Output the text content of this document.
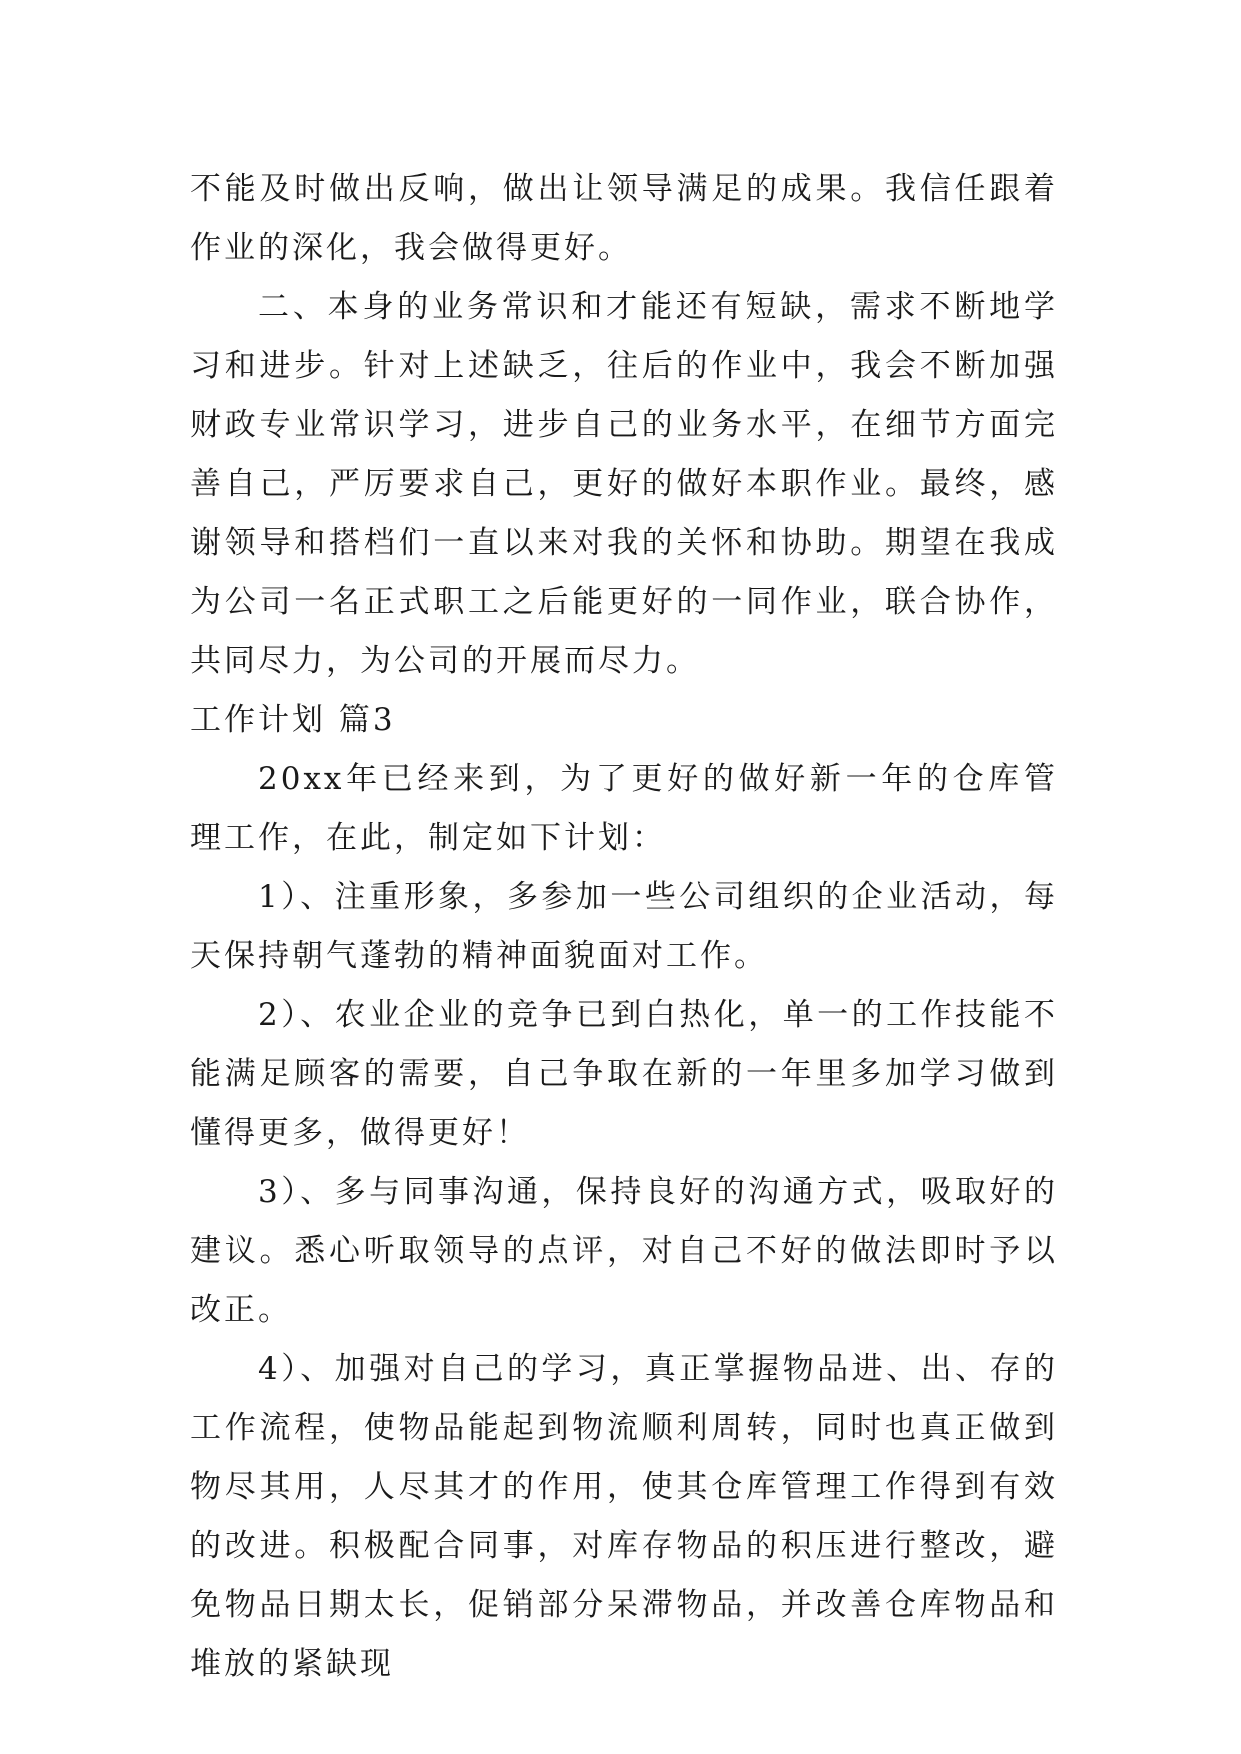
不能及时做出反响，做出让领导满足的成果。我信任跟着作业的深化，我会做得更好。

二、本身的业务常识和才能还有短缺，需求不断地学习和进步。针对上述缺乏，往后的作业中，我会不断加强财政专业常识学习，进步自己的业务水平，在细节方面完善自己，严厉要求自己，更好的做好本职作业。最终，感谢领导和搭档们一直以来对我的关怀和协助。期望在我成为公司一名正式职工之后能更好的一同作业，联合协作，共同尽力，为公司的开展而尽力。

工作计划 篇3

20xx年已经来到，为了更好的做好新一年的仓库管理工作，在此，制定如下计划：

1）、注重形象，多参加一些公司组织的企业活动，每天保持朝气蓬勃的精神面貌面对工作。

2）、农业企业的竞争已到白热化，单一的工作技能不能满足顾客的需要，自己争取在新的一年里多加学习做到懂得更多，做得更好！

3）、多与同事沟通，保持良好的沟通方式，吸取好的建议。悉心听取领导的点评，对自己不好的做法即时予以改正。

4）、加强对自己的学习，真正掌握物品进、出、存的工作流程，使物品能起到物流顺利周转，同时也真正做到物尽其用，人尽其才的作用，使其仓库管理工作得到有效的改进。积极配合同事，对库存物品的积压进行整改，避免物品日期太长，促销部分呆滞物品，并改善仓库物品和堆放的紧缺现
